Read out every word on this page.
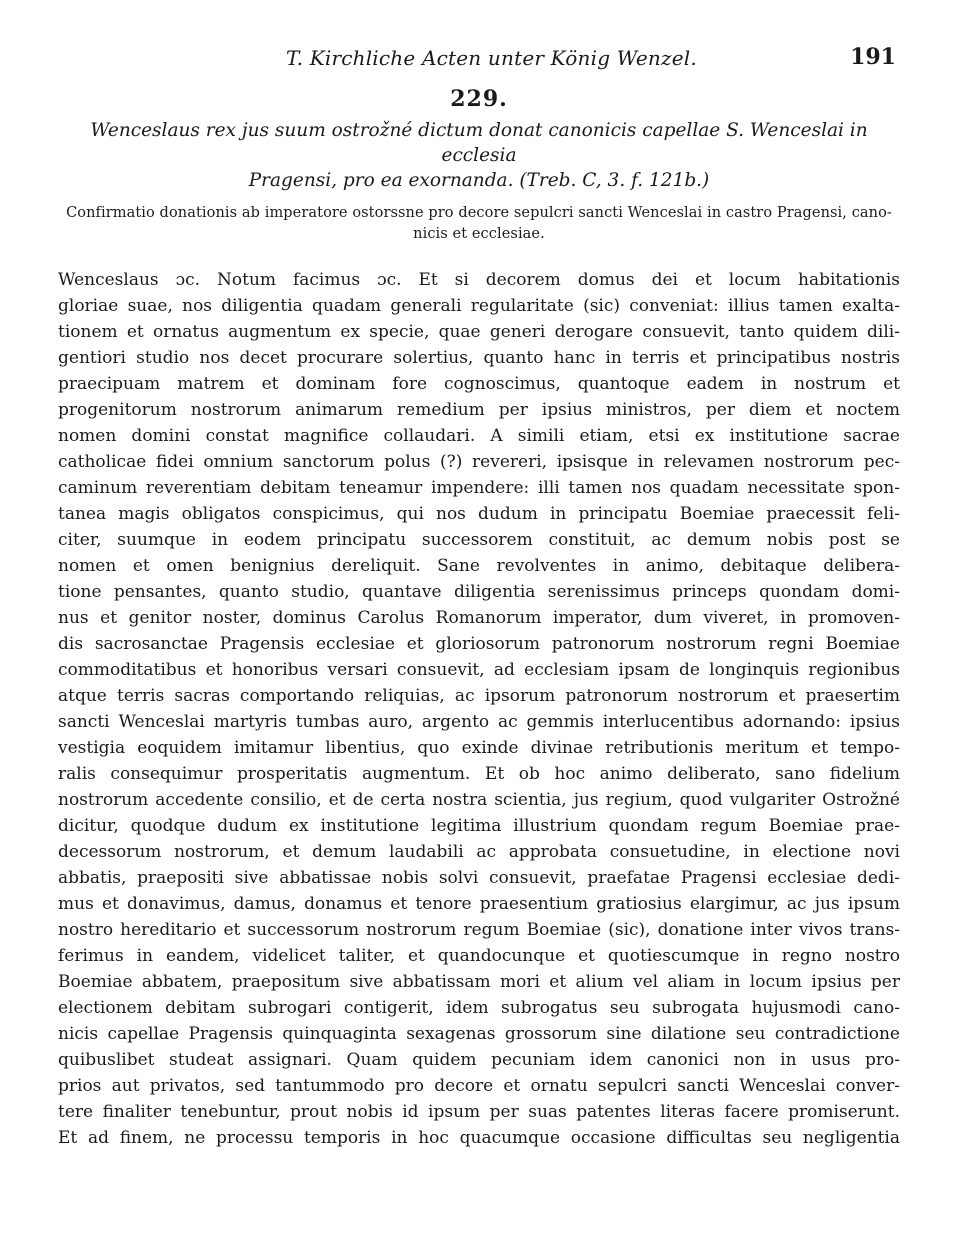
T. Kirchliche Acten unter König Wenzel.	191
229.
Wenceslaus rex jus suum ostrožné dictum donat canonicis capellae S. Wenceslai in ecclesia
Pragensi, pro ea exornanda. (Treb. C, 3. f. 121b.)
Confirmatio donationis ab imperatore ostorssne pro decore sepulcri sancti Wenceslai in castro Pragensi, cano-
nicis et ecclesiae.
Wenceslaus ɔc. Notum facimus ɔc. Et si decorem domus dei et locum habitationis
gloriae suae, nos diligentia quadam generali regularitate (sic) conveniat: illius tamen exalta-
tionem et ornatus augmentum ex specie, quae generi derogare consuevit, tanto quidem dili-
gentiori studio nos decet procurare solertius, quanto hanc in terris et principatibus nostris
praecipuam matrem et dominam fore cognoscimus, quantoque eadem in nostrum et
progenitorum nostrorum animarum remedium per ipsius ministros, per diem et noctem
nomen domini constat magnifice collaudari. A simili etiam, etsi ex institutione sacrae
catholicae fidei omnium sanctorum polus (?) revereri, ipsisque in relevamen nostrorum pec-
caminum reverentiam debitam teneamur impendere: illi tamen nos quadam necessitate spon-
tanea magis obligatos conspicimus, qui nos dudum in principatu Boemiae praecessit feli-
citer, suumque in eodem principatu successorem constituit, ac demum nobis post se
nomen et omen benignius dereliquit. Sane revolventes in animo, debitaque delibera-
tione pensantes, quanto studio, quantave diligentia serenissimus princeps quondam domi-
nus et genitor noster, dominus Carolus Romanorum imperator, dum viveret, in promoven-
dis sacrosanctae Pragensis ecclesiae et gloriosorum patronorum nostrorum regni Boemiae
commoditatibus et honoribus versari consuevit, ad ecclesiam ipsam de longinquis regionibus
atque terris sacras comportando reliquias, ac ipsorum patronorum nostrorum et praesertim
sancti Wenceslai martyris tumbas auro, argento ac gemmis interlucentibus adornando: ipsius
vestigia eoquidem imitamur libentius, quo exinde divinae retributionis meritum et tempo-
ralis consequimur prosperitatis augmentum. Et ob hoc animo deliberato, sano fidelium
nostrorum accedente consilio, et de certa nostra scientia, jus regium, quod vulgariter Ostrožné
dicitur, quodque dudum ex institutione legitima illustrium quondam regum Boemiae prae-
decessorum nostrorum, et demum laudabili ac approbata consuetudine, in electione novi
abbatis, praepositi sive abbatissae nobis solvi consuevit, praefatae Pragensi ecclesiae dedi-
mus et donavimus, damus, donamus et tenore praesentium gratiosius elargimur, ac jus ipsum
nostro hereditario et successorum nostrorum regum Boemiae (sic), donatione inter vivos trans-
ferimus in eandem, videlicet taliter, et quandocunque et quotiescumque in regno nostro
Boemiae abbatem, praepositum sive abbatissam mori et alium vel aliam in locum ipsius per
electionem debitam subrogari contigerit, idem subrogatus seu subrogata hujusmodi cano-
nicis capellae Pragensis quinquaginta sexagenas grossorum sine dilatione seu contradictione
quibuslibet studeat assignari. Quam quidem pecuniam idem canonici non in usus pro-
prios aut privatos, sed tantummodo pro decore et ornatu sepulcri sancti Wenceslai conver-
tere finaliter tenebuntur, prout nobis id ipsum per suas patentes literas facere promiserunt.
Et ad finem, ne processu temporis in hoc quacumque occasione difficultas seu negligentia
